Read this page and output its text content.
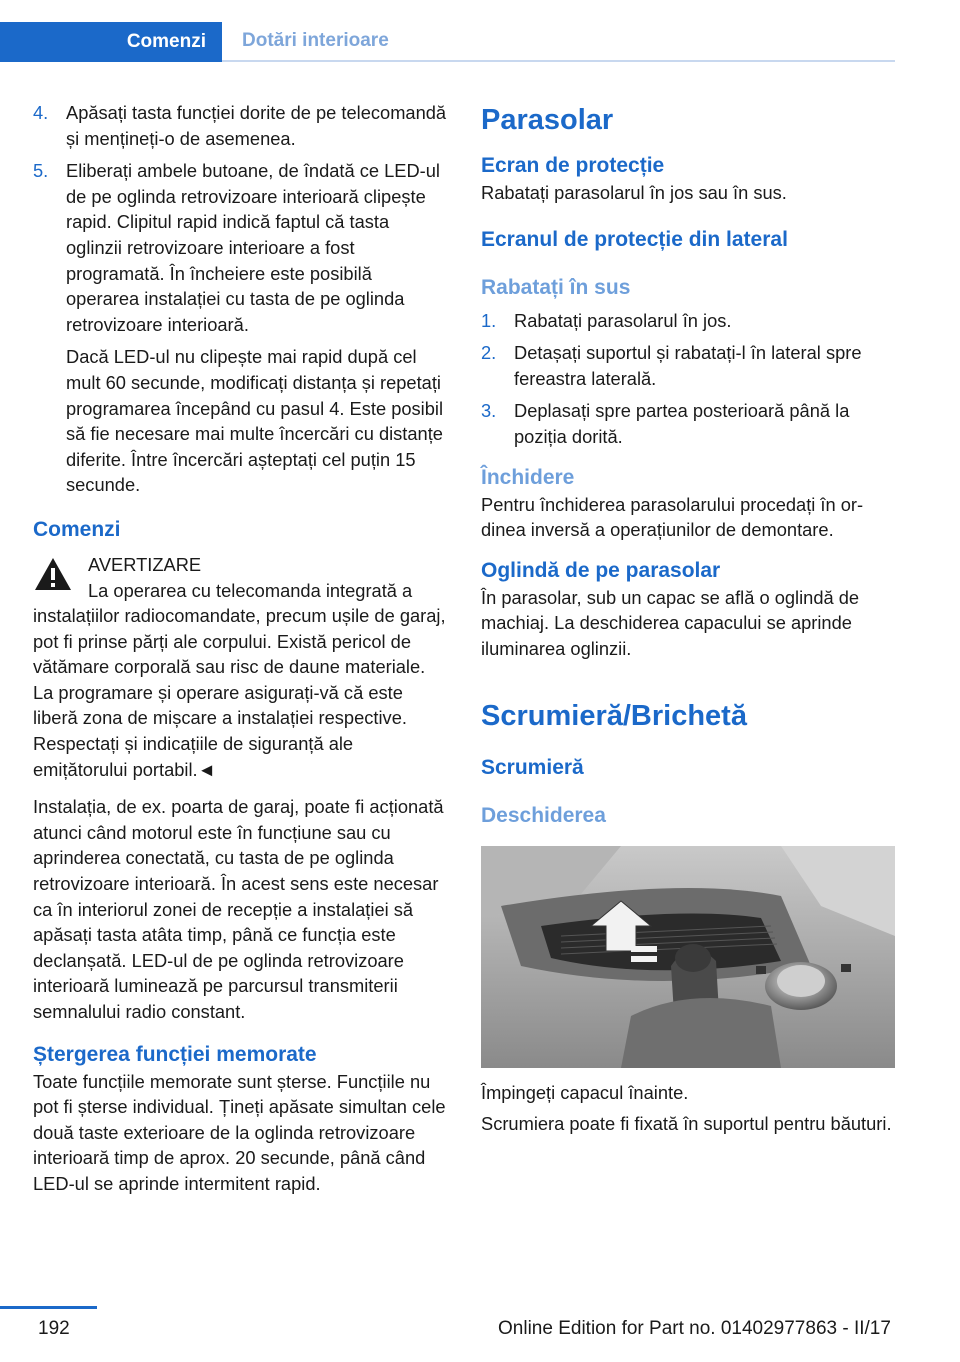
Comenzi	Dotări interioare
4. Apăsați tasta funcției dorite de pe telecomandă și mențineți-o de asemenea.
5. Eliberați ambele butoane, de îndată ce LED-ul de pe oglinda retrovizoare interioară clipește rapid. Clipitul rapid indică faptul că tasta oglinzii retrovizoare interioare a fost programată. În încheiere este posibilă operarea instalației cu tasta de pe oglinda retrovizoare interioară.

Dacă LED-ul nu clipește mai rapid după cel mult 60 secunde, modificați distanța și repetați programarea începând cu pasul 4. Este posibil să fie necesare mai multe încercări cu distanțe diferite. Între încercări așteptați cel puțin 15 secunde.

Comenzi
AVERTIZARE

La operarea cu telecomanda integrată a instalațiilor radiocomandate, precum ușile de garaj, pot fi prinse părți ale corpului. Există pericol de vătămare corporală sau risc de daune materiale. La programare și operare asigurați-vă că este liberă zona de mișcare a instalației respective. Respectați și indicațiile de siguranță ale emițătorului portabil.◄

Instalația, de ex. poarta de garaj, poate fi acționată atunci când motorul este în funcțiune sau cu aprinderea conectată, cu tasta de pe oglinda retrovizoare interioară. În acest sens este necesar ca în interiorul zonei de recepție a instalației să apăsați tasta atâta timp, până ce funcția este declanșată. LED-ul de pe oglinda retrovizoare interioară luminează pe parcursul transmiterii semnalului radio constant.

Ștergerea funcției memorate

Toate funcțiile memorate sunt șterse. Funcțiile nu pot fi șterse individual. Țineți apăsate simultan cele două taste exterioare de la oglinda retrovizoare interioară timp de aprox. 20 secunde, până când LED-ul se aprinde intermitent rapid.

Parasolar
Ecran de protecție

Rabatați parasolarul în jos sau în sus.

Ecranul de protecție din lateral
Rabatați în sus
1. Rabatați parasolarul în jos.
2. Detașați suportul și rabatați-l în lateral spre fereastra laterală.
3. Deplasați spre partea posterioară până la poziția dorită.
Închidere

Pentru închiderea parasolarului procedați în ordinea inversă a operațiunilor de demontare.

Oglindă de pe parasolar

În parasolar, sub un capac se află o oglindă de machiaj. La deschiderea capacului se aprinde iluminarea oglinzii.

Scrumieră/Brichetă
Scrumieră
Deschiderea

Împingeți capacul înainte.

Scrumiera poate fi fixată în suportul pentru băuturi.

192	Online Edition for Part no. 01402977863 - II/17
